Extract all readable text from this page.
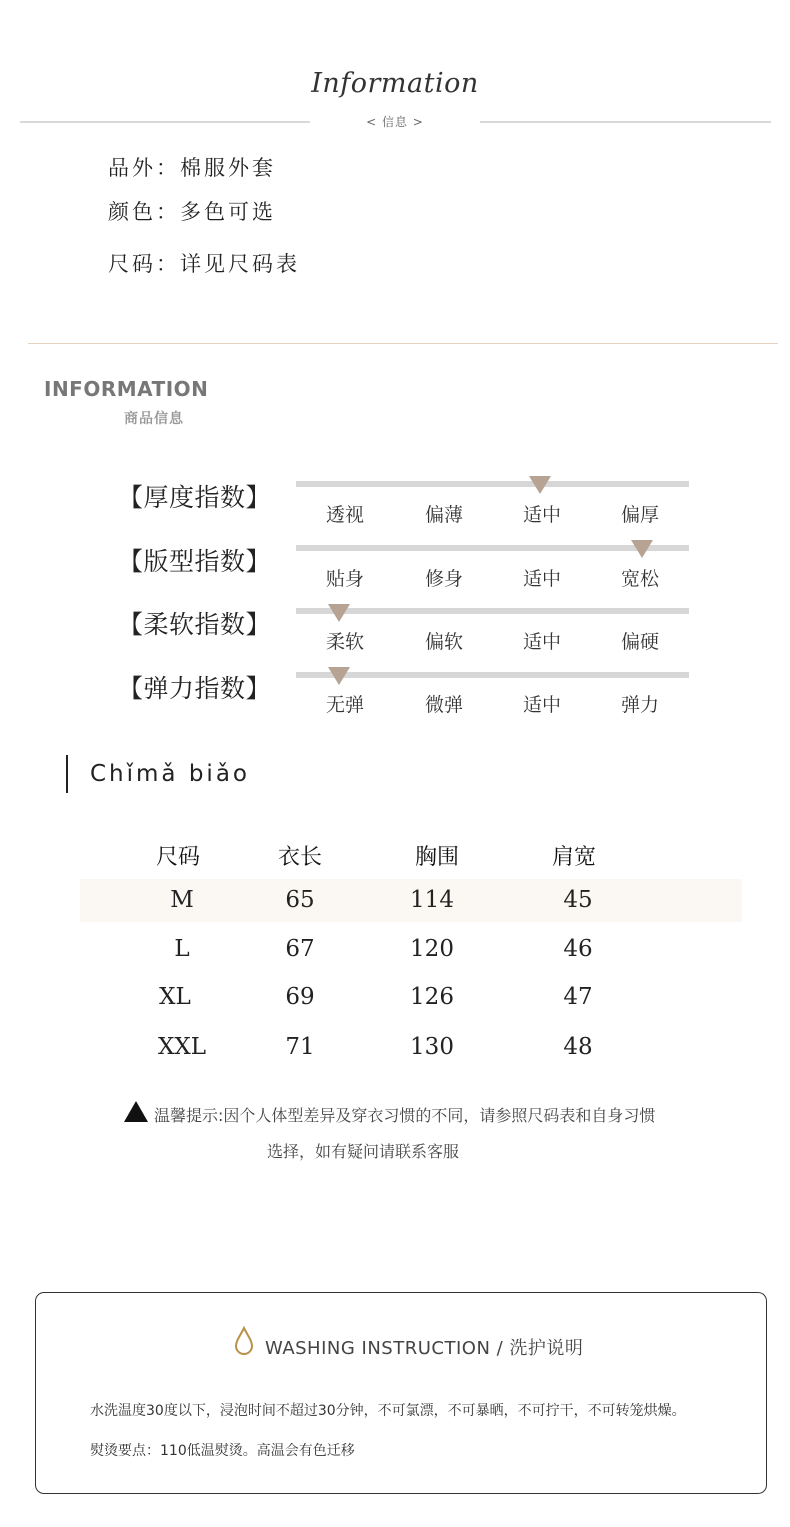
Information
< 信息 >
品外：棉服外套
颜色：多色可选
尺码：详见尺码表
INFORMATION
商品信息
【厚度指数】
透视	偏薄	适中	偏厚
【版型指数】
贴身	修身	适中	宽松
【柔软指数】
柔软	偏软	适中	偏硬
【弹力指数】
无弹	微弹	适中	弹力
Chǐmǎ biǎo
尺码	衣长	胸围	肩宽
M	65	114	45
L	67	120	46
XL	69	126	47
XXL	71	130	48
温馨提示:因个人体型差异及穿衣习惯的不同，请参照尺码表和自身习惯
选择，如有疑问请联系客服
WASHING INSTRUCTION / 洗护说明
水洗温度30度以下，浸泡时间不超过30分钟，不可氯漂，不可暴晒，不可拧干，不可转笼烘燥。
熨烫要点：110低温熨烫。高温会有色迁移
